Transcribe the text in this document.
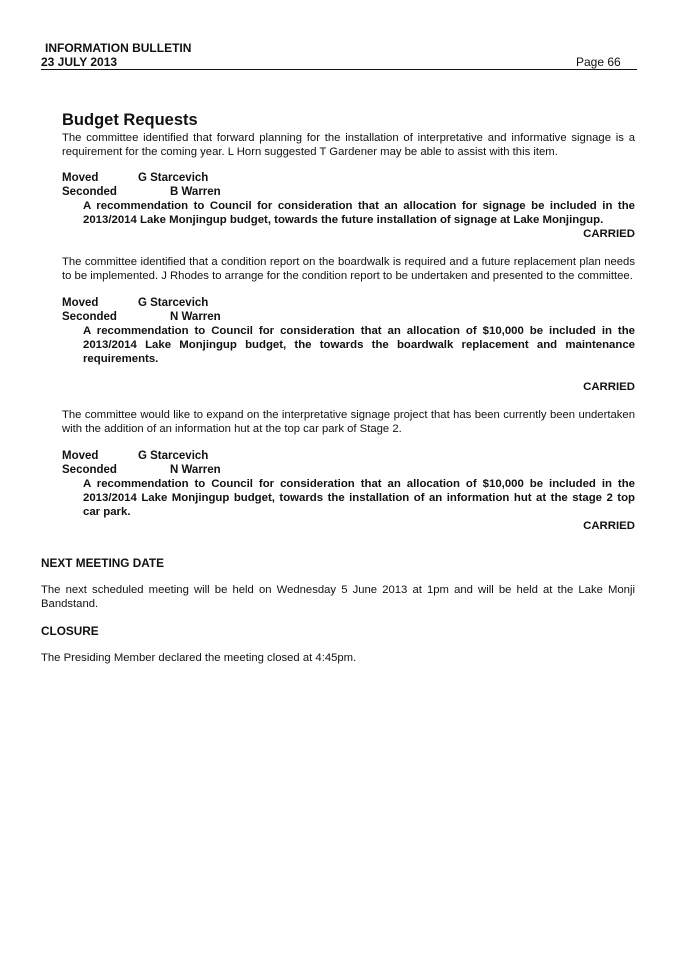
INFORMATION BULLETIN
23 JULY 2013	Page 66
Budget Requests

The committee identified that forward planning for the installation of interpretative and informative signage is a requirement for the coming year. L Horn suggested T Gardener may be able to assist with this item.

Moved	G Starcevich
Seconded	B Warren
A recommendation to Council for consideration that an allocation for signage be included in the 2013/2014 Lake Monjingup budget, towards the future installation of signage at Lake Monjingup.
CARRIED

The committee identified that a condition report on the boardwalk is required and a future replacement plan needs to be implemented. J Rhodes to arrange for the condition report to be undertaken and presented to the committee.

Moved	G Starcevich
Seconded	N Warren
A recommendation to Council for consideration that an allocation of $10,000 be included in the 2013/2014 Lake Monjingup budget, the towards the boardwalk replacement and maintenance requirements.
CARRIED

The committee would like to expand on the interpretative signage project that has been currently been undertaken with the addition of an information hut at the top car park of Stage 2.

Moved	G Starcevich
Seconded	N Warren
A recommendation to Council for consideration that an allocation of $10,000 be included in the 2013/2014 Lake Monjingup budget, towards the installation of an information hut at the stage 2 top car park.
CARRIED
NEXT MEETING DATE

The next scheduled meeting will be held on Wednesday 5 June 2013 at 1pm and will be held at the Lake Monji Bandstand.

CLOSURE

The Presiding Member declared the meeting closed at 4:45pm.
